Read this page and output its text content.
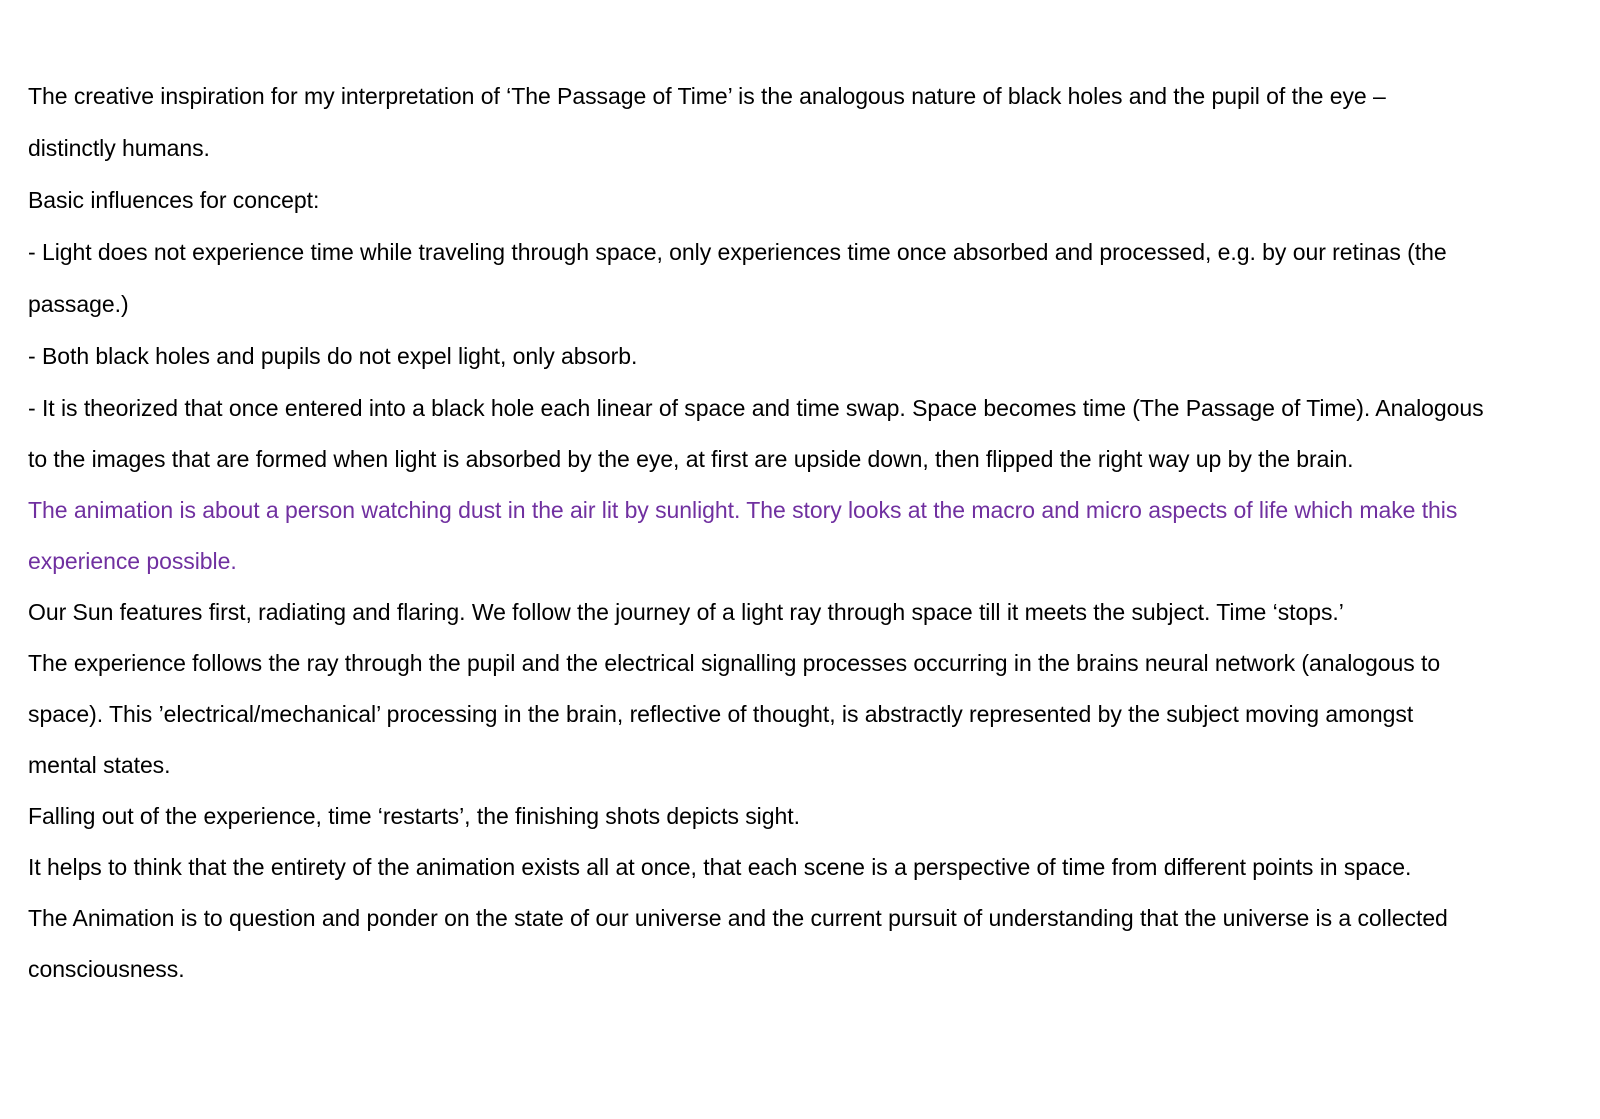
The creative inspiration for my interpretation of ‘The Passage of Time’ is the analogous nature of black holes and the pupil of the eye –
distinctly humans.
Basic influences for concept:
- Light does not experience time while traveling through space, only experiences time once absorbed and processed, e.g. by our retinas (the
passage.)
- Both black holes and pupils do not expel light, only absorb.
- It is theorized that once entered into a black hole each linear of space and time swap. Space becomes time (The Passage of Time). Analogous
to the images that are formed when light is absorbed by the eye, at first are upside down, then flipped the right way up by the brain.
The animation is about a person watching dust in the air lit by sunlight. The story looks at the macro and micro aspects of life which make this
experience possible.
Our Sun features first, radiating and flaring. We follow the journey of a light ray through space till it meets the subject. Time ‘stops.’
The experience follows the ray through the pupil and the electrical signalling processes occurring in the brains neural network (analogous to
space). This ’electrical/mechanical’ processing in the brain, reflective of thought, is abstractly represented by the subject moving amongst
mental states.
Falling out of the experience, time ‘restarts’, the finishing shots depicts sight.
It helps to think that the entirety of the animation exists all at once, that each scene is a perspective of time from different points in space.
The Animation is to question and ponder on the state of our universe and the current pursuit of understanding that the universe is a collected
consciousness.
